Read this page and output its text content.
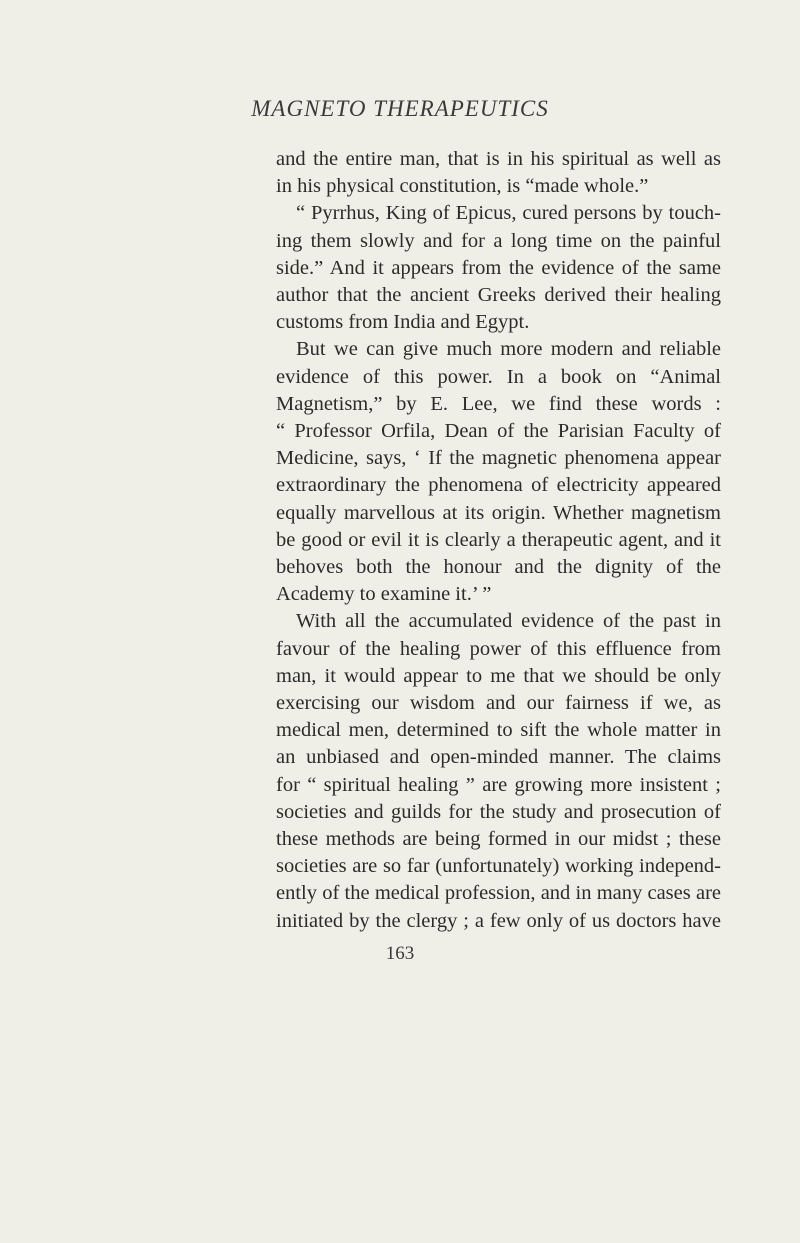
MAGNETO THERAPEUTICS
and the entire man, that is in his spiritual as well as
in his physical constitution, is “made whole.”
“ Pyrrhus, King of Epicus, cured persons by touch-
ing them slowly and for a long time on the painful
side.” And it appears from the evidence of the same
author that the ancient Greeks derived their healing
customs from India and Egypt.
But we can give much more modern and reliable
evidence of this power. In a book on “Animal
Magnetism,” by E. Lee, we find these words :
“ Professor Orfila, Dean of the Parisian Faculty of
Medicine, says, ‘ If the magnetic phenomena appear
extraordinary the phenomena of electricity appeared
equally marvellous at its origin. Whether magnetism
be good or evil it is clearly a therapeutic agent, and it
behoves both the honour and the dignity of the
Academy to examine it.’ ”
With all the accumulated evidence of the past in
favour of the healing power of this effluence from
man, it would appear to me that we should be only
exercising our wisdom and our fairness if we, as
medical men, determined to sift the whole matter in
an unbiased and open-minded manner. The claims
for “ spiritual healing ” are growing more insistent ;
societies and guilds for the study and prosecution of
these methods are being formed in our midst ; these
societies are so far (unfortunately) working independ-
ently of the medical profession, and in many cases are
initiated by the clergy ; a few only of us doctors have
163
